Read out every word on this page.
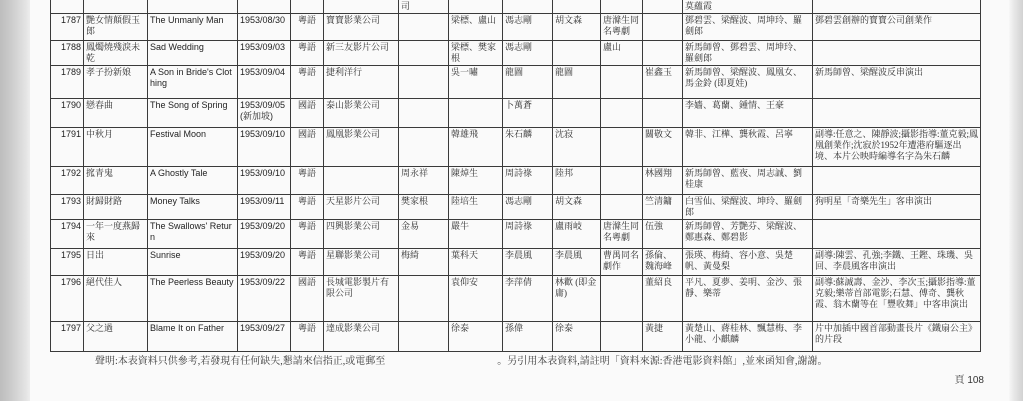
						司						莫蘊霞	
1787	艷女情顛假玉郎	The Unmanly Man	1953/08/30	粵語	寶寶影業公司		梁標、盧山	馮志剛	胡文森	唐滌生同名粵劇		鄧碧雲、梁醒波、周坤玲、羅劍郎	鄧碧雲創辦的寶寶公司創業作
1788	鳳燭燒殘淚未乾	Sad Wedding	1953/09/03	粵語	新三友影片公司		梁標、樊家根	馮志剛		盧山		新馬師曾、鄧碧雲、周坤玲、羅劍郎	
1789	孝子扮新娘	A Son in Bride's Clothing	1953/09/04	粵語	捷利洋行		吳一嘯	龍圖	龍圖		崔鑫玉	新馬師曾、梁醒波、鳳凰女、馬金鈴 (即夏娃)	新馬師曾、梁醒波反串演出
1790	戀春曲	The Song of Spring	1953/09/05 (新加坡)	國語	泰山影業公司			卜萬蒼				李嬙、葛蘭、鍾情、王豪	
1791	中秋月	Festival Moon	1953/09/10	國語	鳳凰影業公司		韓雄飛	朱石麟	沈寂		關敬文	韓非、江樺、龔秋霞、呂寧	副導:任意之、陳靜波;攝影指導:董克毅;鳳凰創業作;沈寂於1952年遭港府驅逐出境、本片公映時編導名字為朱石麟
1792	搲青鬼	A Ghostly Tale	1953/09/10	粵語		周永祥	陳焯生	周詩祿	陸邦		林國翔	新馬師曾、藍夜、周志誠、劉桂康	
1793	財歸財路	Money Talks	1953/09/11	粵語	天星影片公司	樊家根	陸培生	馮志剛	胡文森		竺清鏞	白雪仙、梁醒波、坤玲、羅劍郎	狗明星「奇樂先生」客串演出
1794	一年一度燕歸來	The Swallows' Return	1953/09/20	粵語	四興影業公司	金易	嚴牛	周詩祿	盧雨岐	唐滌生同名粵劇	伍強	新馬師曾、芳艷芬、梁醒波、鄭惠森、鄭碧影	
1795	日出	Sunrise	1953/09/20	粵語	星聯影業公司	梅綺	葉科天	李晨風	李晨風	曹禺同名劇作	孫倫、魏海峰	張瑛、梅綺、容小意、吳楚帆、黃曼梨	副導:陳雲、孔強;李鐵、王鏗、珠璣、吳回、李晨風客串演出
1796	絕代佳人	The Peerless Beauty	1953/09/22	國語	長城電影製片有限公司		袁仰安	李萍倩	林歡 (即金庸)		董紹良	平凡、夏夢、姜明、金沙、張靜、樂蒂	副導:蘇誠壽、金沙、李次玉;攝影指導:董克毅;樂蒂首部電影;石慧、傅奇、龔秋霞、翁木蘭等在「豐收舞」中客串演出
1797	父之過	Blame It on Father	1953/09/27	粵語	達成影業公司		徐泰	孫偉	徐泰		黃捷	黃楚山、蔣桂林、飄慧梅、李小龍、小麒麟	片中加插中國首部動畫長片《鐵扇公主》的片段
聲明:本表資料只供參考,若發現有任何缺失,懇請來信指正,或電郵至	。另引用本表資料,請註明「資料來源:香港電影資料館」,並來函知會,謝謝。
頁 108
